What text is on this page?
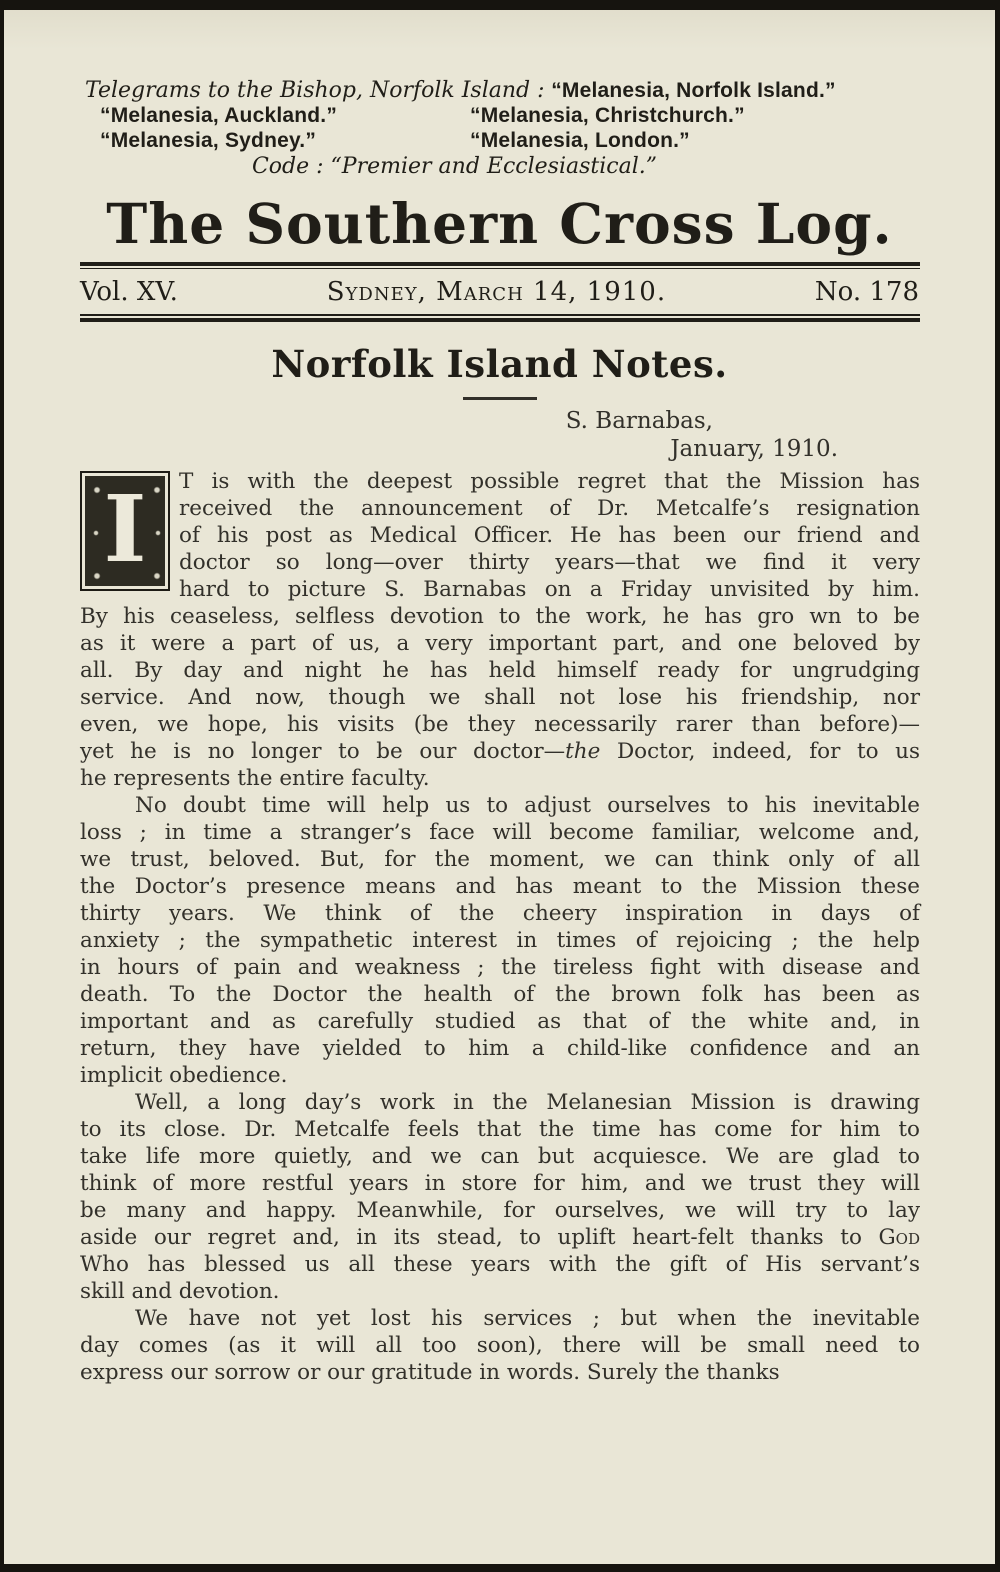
Telegrams to the Bishop, Norfolk Island : “Melanesia, Norfolk Island.”
“Melanesia, Auckland.”	“Melanesia, Christchurch.”
“Melanesia, Sydney.”	“Melanesia, London.”
Code : “Premier and Ecclesiastical.”
The Southern Cross Log.
Vol. XV.	Sydney, March 14, 1910.	No. 178
Norfolk Island Notes.
S. Barnabas,
January, 1910.
I	T is with the deepest possible regret that the Mission has
received the announcement of Dr. Metcalfe’s resignation
of his post as Medical Officer. He has been our friend and
doctor so long—over thirty years—that we find it very
hard to picture S. Barnabas on a Friday unvisited by him.
By his ceaseless, selfless devotion to the work, he has gro wn to be
as it were a part of us, a very important part, and one beloved by
all. By day and night he has held himself ready for ungrudging
service. And now, though we shall not lose his friendship, nor
even, we hope, his visits (be they necessarily rarer than before)—
yet he is no longer to be our doctor—the Doctor, indeed, for to us
he represents the entire faculty.
No doubt time will help us to adjust ourselves to his inevitable
loss ; in time a stranger’s face will become familiar, welcome and,
we trust, beloved. But, for the moment, we can think only of all
the Doctor’s presence means and has meant to the Mission these
thirty years. We think of the cheery inspiration in days of
anxiety ; the sympathetic interest in times of rejoicing ; the help
in hours of pain and weakness ; the tireless fight with disease and
death. To the Doctor the health of the brown folk has been as
important and as carefully studied as that of the white and, in
return, they have yielded to him a child-like confidence and an
implicit obedience.
Well, a long day’s work in the Melanesian Mission is drawing
to its close. Dr. Metcalfe feels that the time has come for him to
take life more quietly, and we can but acquiesce. We are glad to
think of more restful years in store for him, and we trust they will
be many and happy. Meanwhile, for ourselves, we will try to lay
aside our regret and, in its stead, to uplift heart-felt thanks to God
Who has blessed us all these years with the gift of His servant’s
skill and devotion.
We have not yet lost his services ; but when the inevitable
day comes (as it will all too soon), there will be small need to
express our sorrow or our gratitude in words. Surely the thanks
